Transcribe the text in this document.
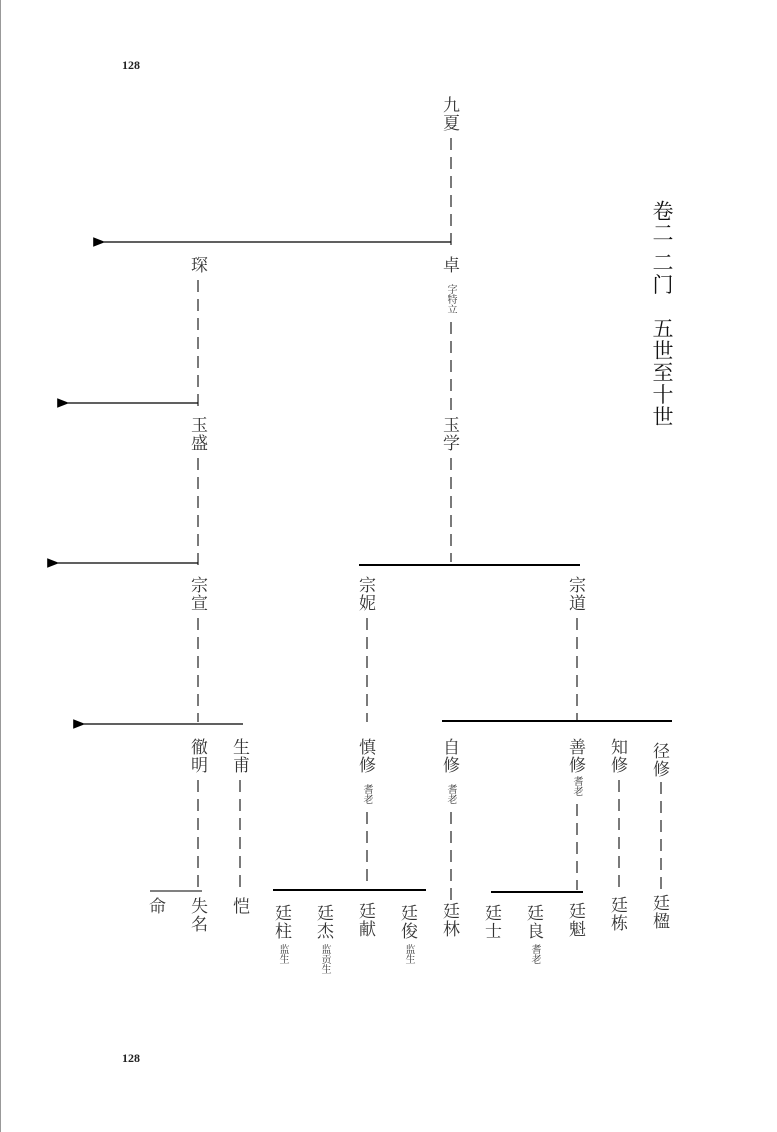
128
128
卷二 二门　五世至十世
九夏
卓
字特立
琛
玉学
玉盛
宗宣	宗妮	宗道
徹明 生甫	慎修
耆老
自修
耆老
善修
耆老
知修 径修
命 失名 恺 廷柱
监生
廷杰
监贡生
廷献 廷俊
监生
廷林 廷士 廷良
耆老
廷魁 廷栋 廷楹
